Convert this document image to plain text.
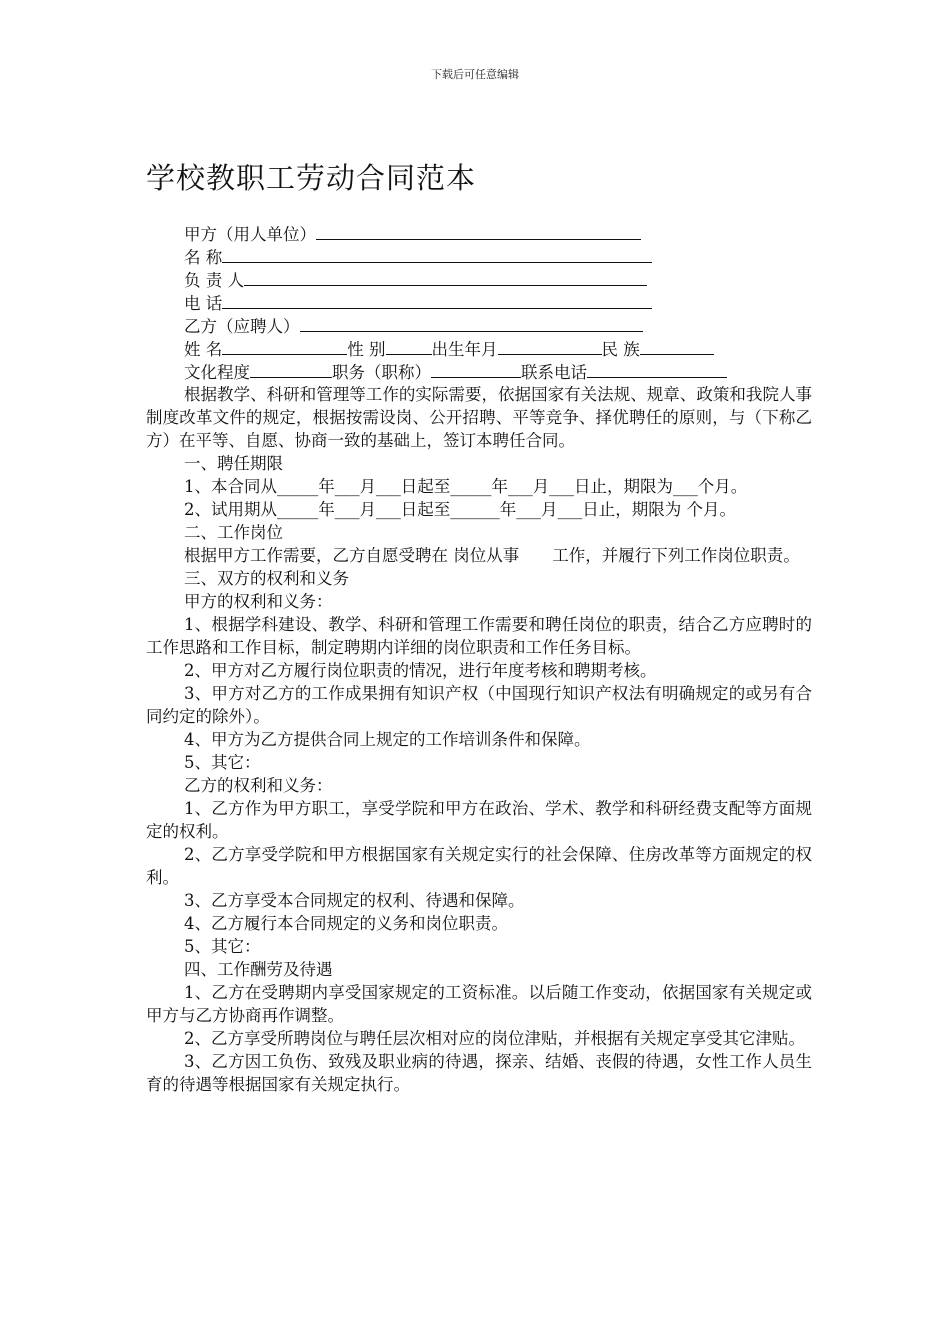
下载后可任意编辑
学校教职工劳动合同范本
甲方（用人单位）
名 称
负 责 人
电 话
乙方（应聘人）
姓 名	性 别	出生年月	民 族
文化程度	职务（职称）	联系电话

根据教学、科研和管理等工作的实际需要，依据国家有关法规、规章、政策和我院人事制度改革文件的规定，根据按需设岗、公开招聘、平等竞争、择优聘任的原则，与（下称乙方）在平等、自愿、协商一致的基础上，签订本聘任合同。

一、聘任期限

1、本合同从_____年___月___日起至_____年___月___日止，期限为___个月。

2、试用期从_____年___月___日起至______年___月___日止，期限为 个月。

二、工作岗位

根据甲方工作需要，乙方自愿受聘在 岗位从事　　工作，并履行下列工作岗位职责。

三、双方的权利和义务

甲方的权利和义务：

1、根据学科建设、教学、科研和管理工作需要和聘任岗位的职责，结合乙方应聘时的工作思路和工作目标，制定聘期内详细的岗位职责和工作任务目标。

2、甲方对乙方履行岗位职责的情况，进行年度考核和聘期考核。

3、甲方对乙方的工作成果拥有知识产权（中国现行知识产权法有明确规定的或另有合同约定的除外）。

4、甲方为乙方提供合同上规定的工作培训条件和保障。

5、其它：

乙方的权利和义务：

1、乙方作为甲方职工，享受学院和甲方在政治、学术、教学和科研经费支配等方面规定的权利。

2、乙方享受学院和甲方根据国家有关规定实行的社会保障、住房改革等方面规定的权利。

3、乙方享受本合同规定的权利、待遇和保障。

4、乙方履行本合同规定的义务和岗位职责。

5、其它：

四、工作酬劳及待遇

1、乙方在受聘期内享受国家规定的工资标准。以后随工作变动，依据国家有关规定或甲方与乙方协商再作调整。

2、乙方享受所聘岗位与聘任层次相对应的岗位津贴，并根据有关规定享受其它津贴。

3、乙方因工负伤、致残及职业病的待遇，探亲、结婚、丧假的待遇，女性工作人员生育的待遇等根据国家有关规定执行。
